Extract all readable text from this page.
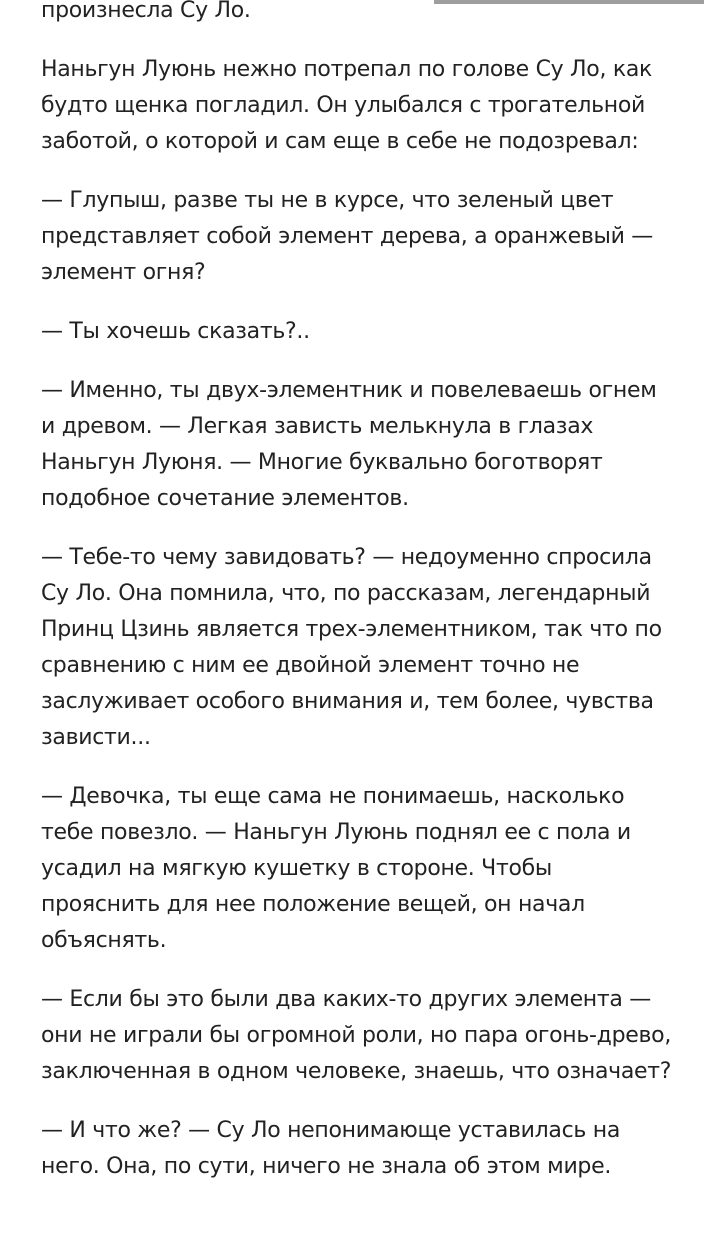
произнесла Су Ло.

Наньгун Луюнь нежно потрепал по голове Су Ло, как будто щенка погладил. Он улыбался с трогательной заботой, о которой и сам еще в себе не подозревал:

— Глупыш, разве ты не в курсе, что зеленый цвет представляет собой элемент дерева, а оранжевый — элемент огня?

— Ты хочешь сказать?..

— Именно, ты двух-элементник и повелеваешь огнем и древом. — Легкая зависть мелькнула в глазах Наньгун Луюня. — Многие буквально боготворят подобное сочетание элементов.

— Тебе-то чему завидовать? — недоуменно спросила Су Ло. Она помнила, что, по рассказам, легендарный Принц Цзинь является трех-элементником, так что по сравнению с ним ее двойной элемент точно не заслуживает особого внимания и, тем более, чувства зависти...

— Девочка, ты еще сама не понимаешь, насколько тебе повезло. — Наньгун Луюнь поднял ее с пола и усадил на мягкую кушетку в стороне. Чтобы прояснить для нее положение вещей, он начал объяснять.

— Если бы это были два каких-то других элемента — они не играли бы огромной роли, но пара огонь-древо, заключенная в одном человеке, знаешь, что означает?

— И что же? — Су Ло непонимающе уставилась на него. Она, по сути, ничего не знала об этом мире.
